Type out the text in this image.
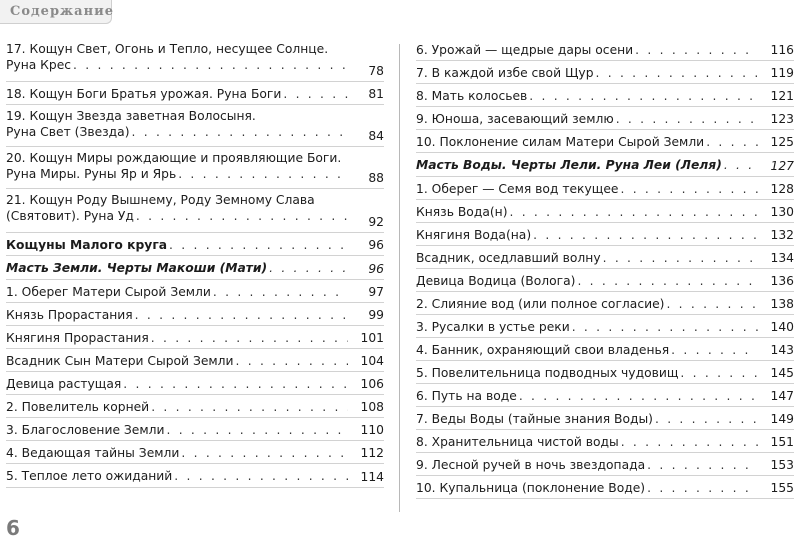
Содержание
17. Кощун Свет, Огонь и Тепло, несущее Солнце.
Руна Крес . . .	78
18. Кощун Боги Братья урожая. Руна Боги . . .	81
19. Кощун Звезда заветная Волосыня.
Руна Свет (Звезда) . . .	84
20. Кощун Миры рождающие и проявляющие Боги.
Руна Миры. Руны Яр и Ярь . . .	88
21. Кощун Роду Вышнему, Роду Земному Слава
(Святовит). Руна Уд . . .	92
Кощуны Малого круга . . .	96
Масть Земли. Черты Макоши (Мати) . . .	96
1. Оберег Матери Сырой Земли . . .	97
Князь Прорастания . . .	99
Княгиня Прорастания . . .	101
Всадник Сын Матери Сырой Земли . . .	104
Девица растущая . . .	106
2. Повелитель корней . . .	108
3. Благословение Земли . . .	110
4. Ведающая тайны Земли . . .	112
5. Теплое лето ожиданий . . .	114
6. Урожай — щедрые дары осени . . .	116
7. В каждой избе свой Щур . . .	119
8. Мать колосьев . . .	121
9. Юноша, засевающий землю . . .	123
10. Поклонение силам Матери Сырой Земли . . .	125
Масть Воды. Черты Лели. Руна Леи (Леля) . . .	127
1. Оберег — Семя вод текущее . . .	128
Князь Вода(н) . . .	130
Княгиня Вода(на) . . .	132
Всадник, оседлавший волну . . .	134
Девица Водица (Волога) . . .	136
2. Слияние вод (или полное согласие) . . .	138
3. Русалки в устье реки . . .	140
4. Банник, охраняющий свои владенья . . .	143
5. Повелительница подводных чудовищ . . .	145
6. Путь на воде . . .	147
7. Веды Воды (тайные знания Воды) . . .	149
8. Хранительница чистой воды . . .	151
9. Лесной ручей в ночь звездопада . . .	153
10. Купальница (поклонение Воде) . . .	155
6
